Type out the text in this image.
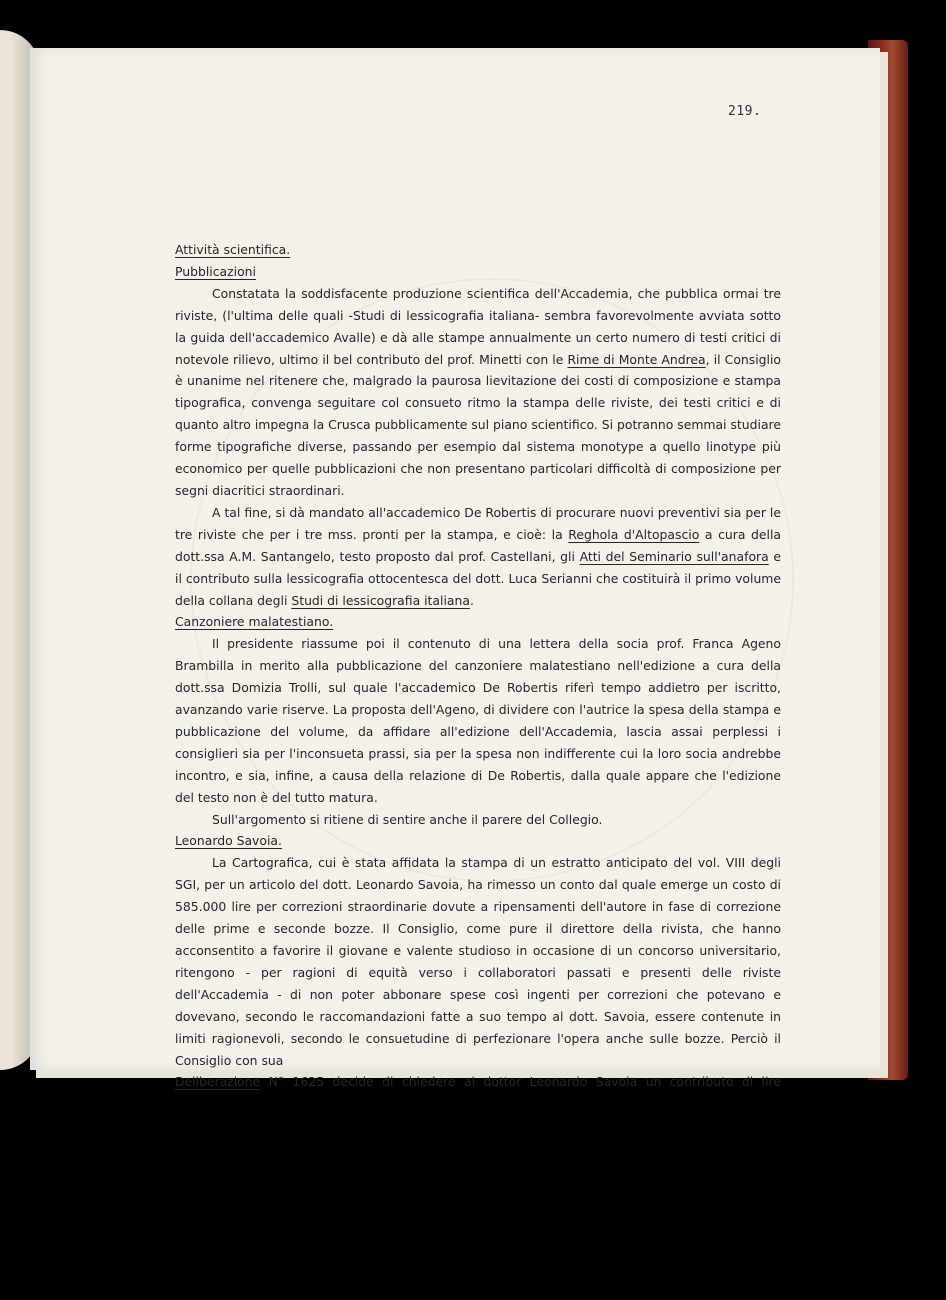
219.

Attività scientifica.

Pubblicazioni

Constatata la soddisfacente produzione scientifica dell'Accademia, che pubblica ormai tre riviste, (l'ultima delle quali -Studi di lessicografia italiana- sembra favorevolmente avviata sotto la guida dell'accademico Avalle) e dà alle stampe annualmente un certo numero di testi critici di notevole rilievo, ultimo il bel contributo del prof. Minetti con le Rime di Monte Andrea, il Consiglio è unanime nel ritenere che, malgrado la paurosa lievitazione dei costi di composizione e stampa tipografica, convenga seguitare col consueto ritmo la stampa delle riviste, dei testi critici e di quanto altro impegna la Crusca pubblicamente sul piano scientifico. Si potranno semmai studiare forme tipografiche diverse, passando per esempio dal sistema monotype a quello linotype più economico per quelle pubblicazioni che non presentano particolari difficoltà di composizione per segni diacritici straordinari.

A tal fine, si dà mandato all'accademico De Robertis di procurare nuovi preventivi sia per le tre riviste che per i tre mss. pronti per la stampa, e cioè: la Reghola d'Altopascio a cura della dott.ssa A.M. Santangelo, testo proposto dal prof. Castellani, gli Atti del Seminario sull'anafora e il contributo sulla lessicografia ottocentesca del dott. Luca Serianni che costituirà il primo volume della collana degli Studi di lessicografia italiana.

Canzoniere malatestiano.

Il presidente riassume poi il contenuto di una lettera della socia prof. Franca Ageno Brambilla in merito alla pubblicazione del canzoniere malatestiano nell'edizione a cura della dott.ssa Domizia Trolli, sul quale l'accademico De Robertis riferì tempo addietro per iscritto, avanzando varie riserve. La proposta dell'Ageno, di dividere con l'autrice la spesa della stampa e pubblicazione del volume, da affidare all'edizione dell'Accademia, lascia assai perplessi i consiglieri sia per l'inconsueta prassi, sia per la spesa non indifferente cui la loro socia andrebbe incontro, e sia, infine, a causa della relazione di De Robertis, dalla quale appare che l'edizione del testo non è del tutto matura.

Sull'argomento si ritiene di sentire anche il parere del Collegio.

Leonardo Savoia.

La Cartografica, cui è stata affidata la stampa di un estratto anticipato del vol. VIII degli SGI, per un articolo del dott. Leonardo Savoia, ha rimesso un conto dal quale emerge un costo di 585.000 lire per correzioni straordinarie dovute a ripensamenti dell'autore in fase di correzione delle prime e seconde bozze. Il Consiglio, come pure il direttore della rivista, che hanno acconsentito a favorire il giovane e valente studioso in occasione di un concorso universitario, ritengono - per ragioni di equità verso i collaboratori passati e presenti delle riviste dell'Accademia - di non poter abbonare spese così ingenti per correzioni che potevano e dovevano, secondo le raccomandazioni fatte a suo tempo al dott. Savoia, essere contenute in limiti ragionevoli, secondo le consuetudine di perfezionare l'opera anche sulle bozze. Perciò il Consiglio con sua

Deliberazione N° 1625 decide di chiedere al dottor Leonardo Savoia un contributo di lire
